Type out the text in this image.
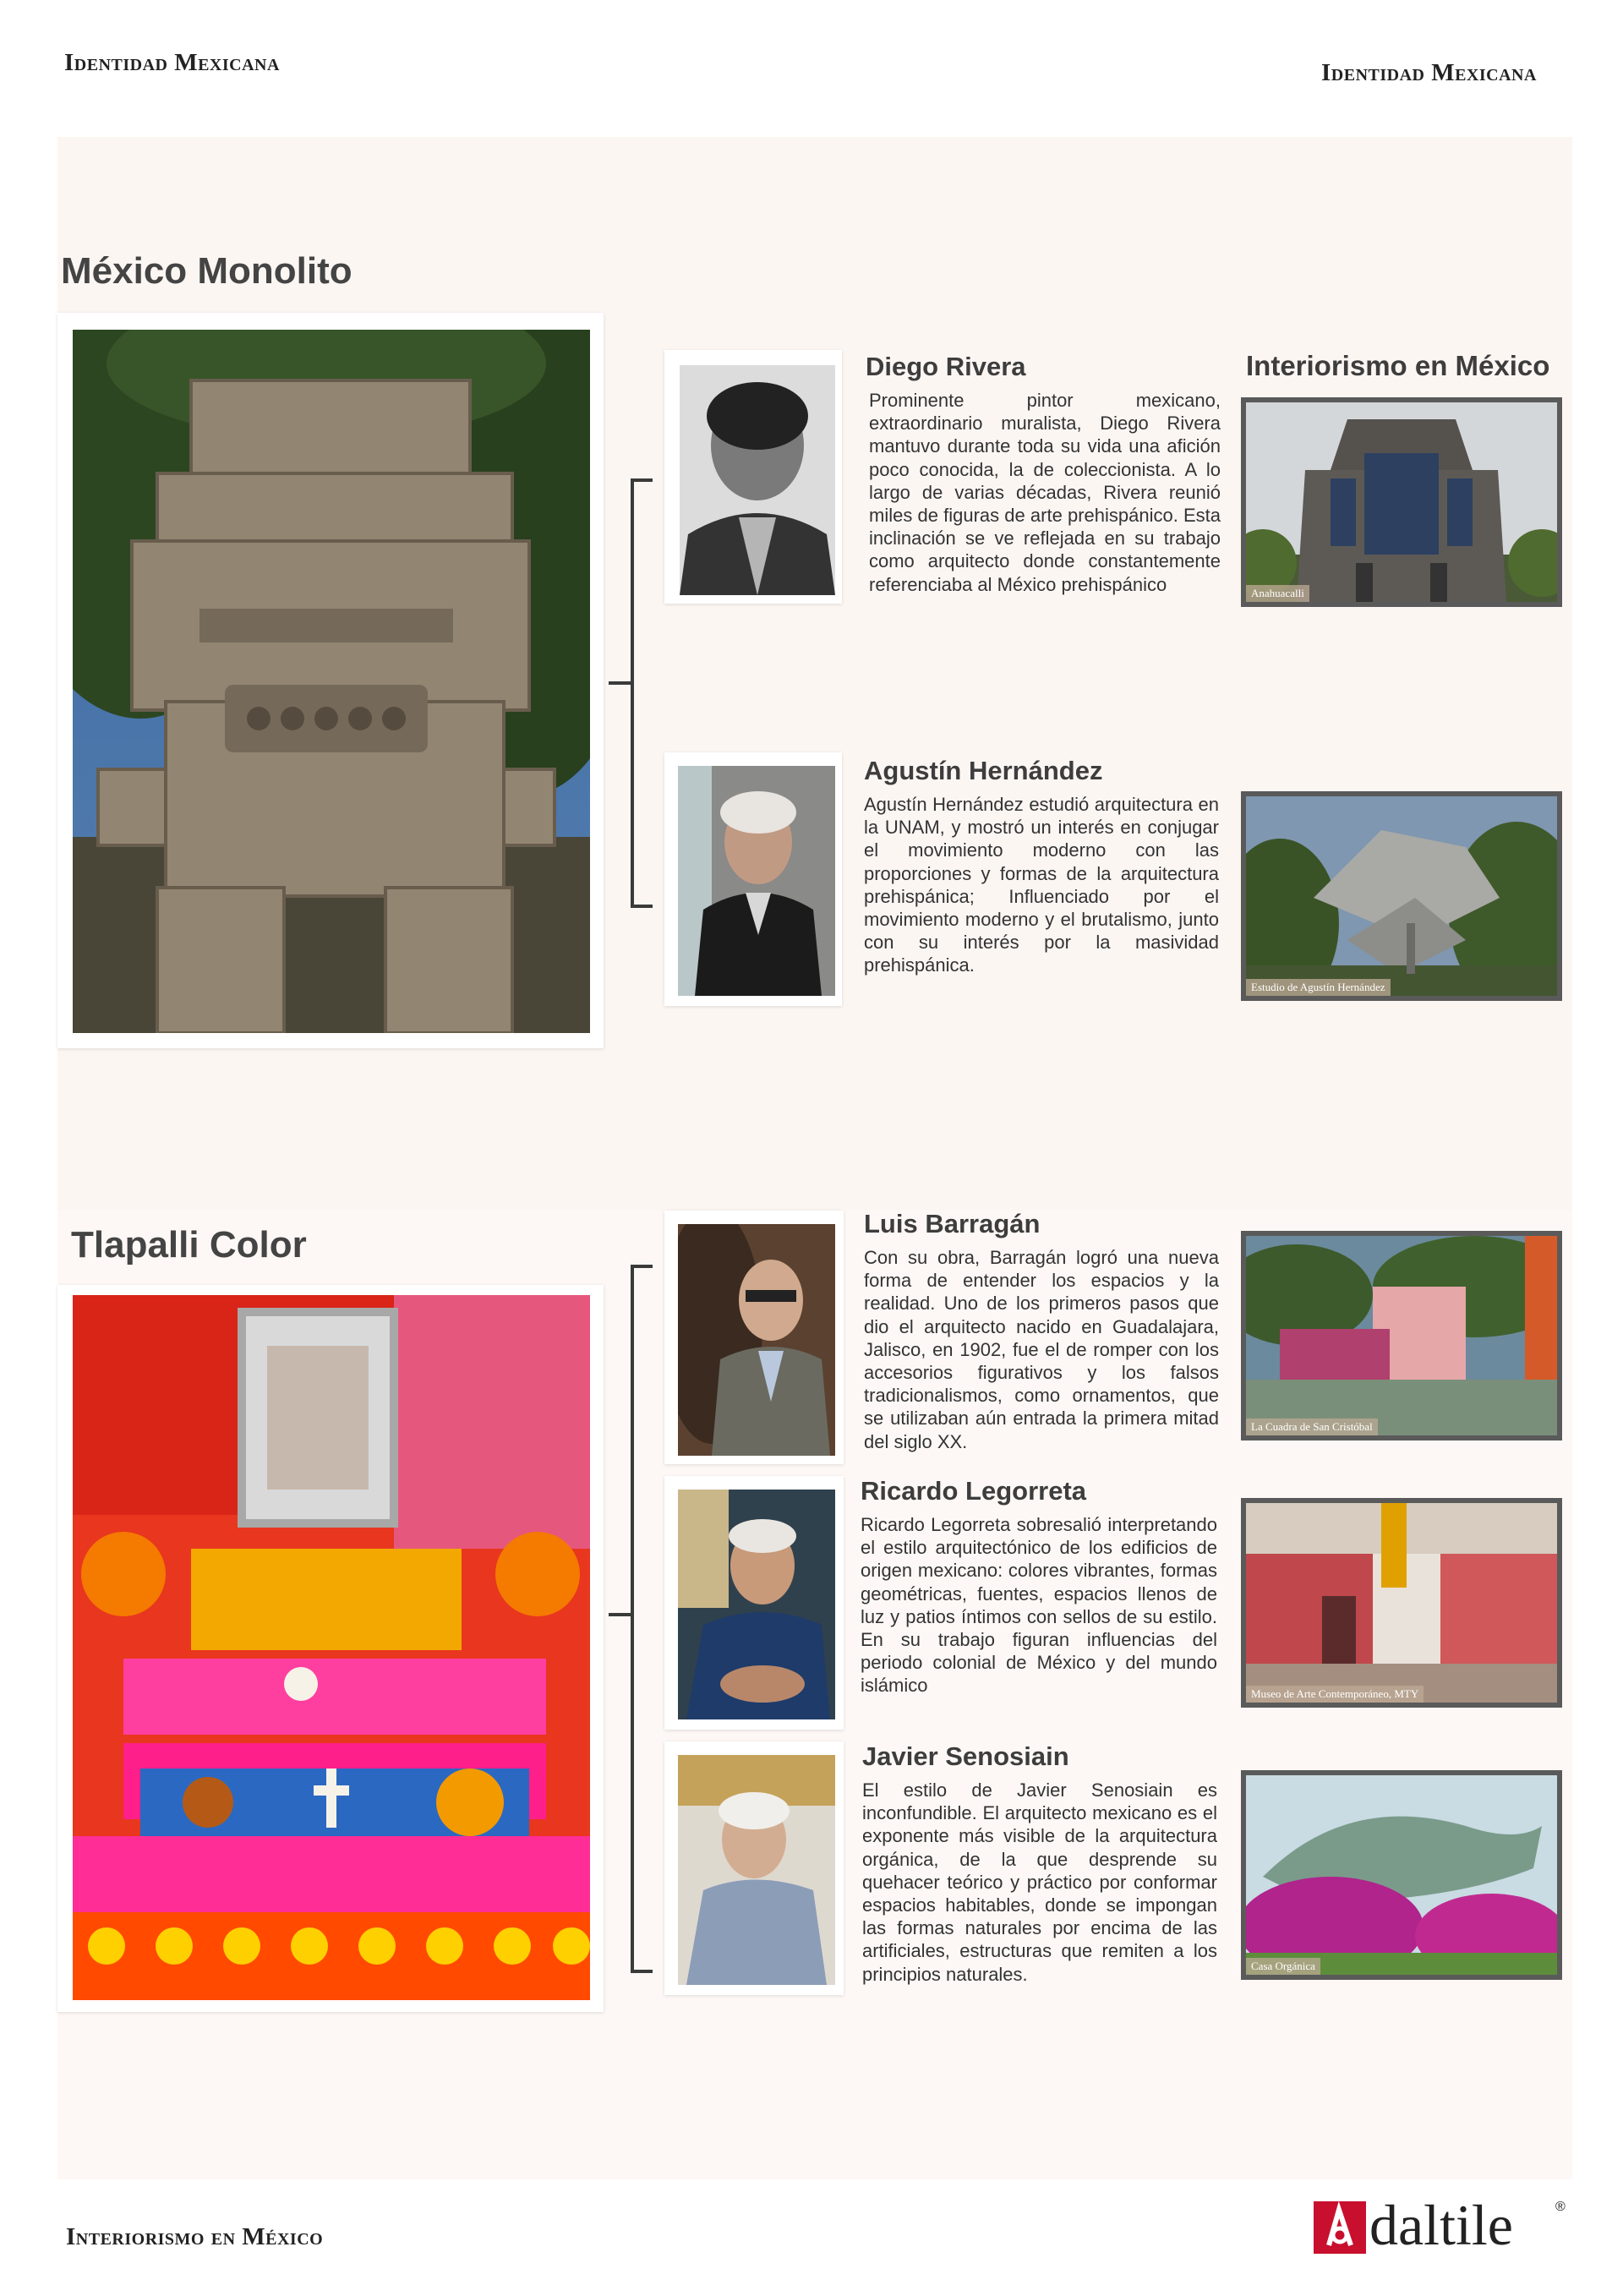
Identidad Mexicana	Identidad Mexicana
México Monolito
Diego Rivera
Prominente pintor mexicano, extraordinario muralista, Diego Rivera mantuvo durante toda su vida una afición poco conocida, la de coleccionista. A lo largo de varias décadas, Rivera reunió miles de figuras de arte prehispánico. Esta inclinación se ve reflejada en su trabajo como arquitecto donde constantemente referenciaba al México prehispánico
Interiorismo en México
Anahuacalli
Agustín Hernández
Agustín Hernández estudió arquitectura en la UNAM, y mostró un interés en conjugar el movimiento moderno con las proporciones y formas de la arquitectura prehispánica; Influenciado por el movimiento moderno y el brutalismo, junto con su interés por la masividad prehispánica.
Estudio de Agustín Hernández
Tlapalli Color
Luis Barragán
Con su obra, Barragán logró una nueva forma de entender los espacios y la realidad. Uno de los primeros pasos que dio el arquitecto nacido en Guadalajara, Jalisco, en 1902, fue el de romper con los accesorios figurativos y los falsos tradicionalismos, como ornamentos, que se utilizaban aún entrada la primera mitad del siglo XX.
La Cuadra de San Cristóbal
Ricardo Legorreta
Ricardo Legorreta sobresalió interpretando el estilo arquitectónico de los edificios de origen mexicano: colores vibrantes, formas geométricas, fuentes, espacios llenos de luz y patios íntimos con sellos de su estilo. En su trabajo figuran influencias del periodo colonial de México y del mundo islámico	Museo de Arte Contemporáneo, MTY
Javier Senosiain
El estilo de Javier Senosiain es inconfundible. El arquitecto mexicano es el exponente más visible de la arquitectura orgánica, de la que desprende su quehacer teórico y práctico por conformar espacios habitables, donde se impongan las formas naturales por encima de las artificiales, estructuras que remiten a los principios naturales.	Casa Orgánica
Interiorismo en México	daltile	®
